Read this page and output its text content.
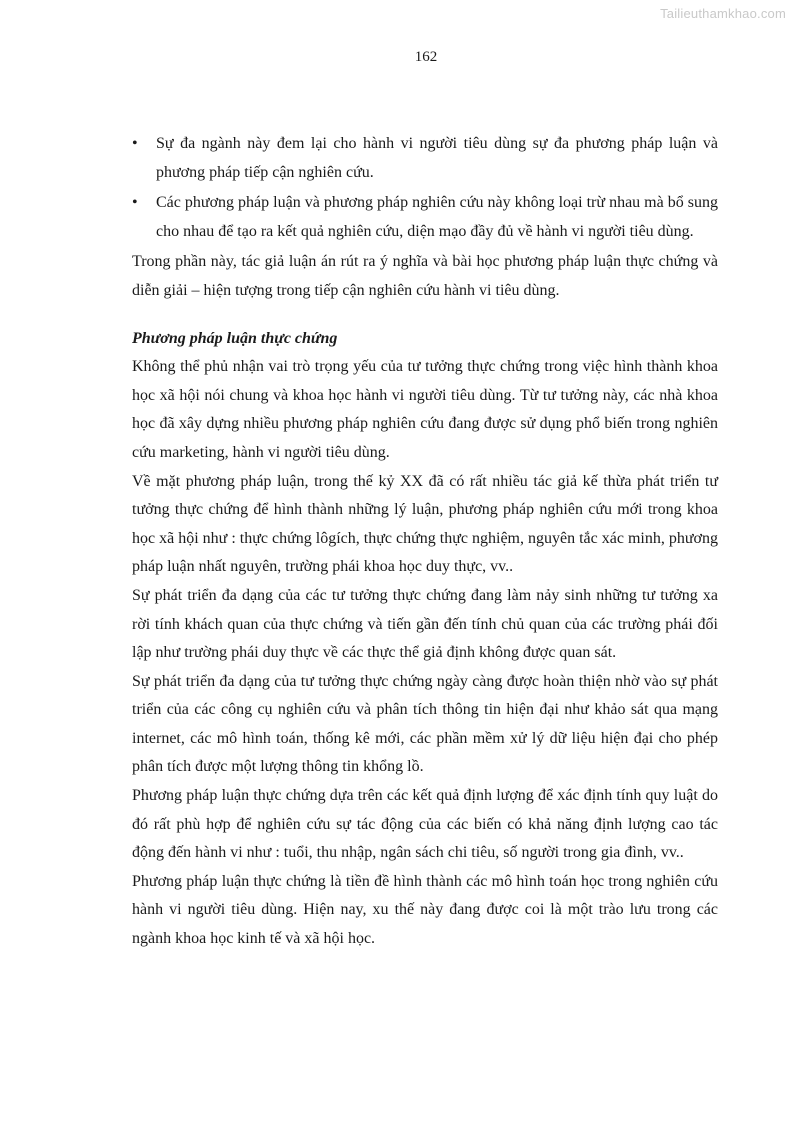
Tailieuthamkhao.com
162
• Sự đa ngành này đem lại cho hành vi người tiêu dùng sự đa phương pháp luận và phương pháp tiếp cận nghiên cứu.
• Các phương pháp luận và phương pháp nghiên cứu này không loại trừ nhau mà bổ sung cho nhau để tạo ra kết quả nghiên cứu, diện mạo đầy đủ về hành vi người tiêu dùng.

Trong phần này, tác giả luận án rút ra ý nghĩa và bài học phương pháp luận thực chứng và diễn giải – hiện tượng trong tiếp cận nghiên cứu hành vi tiêu dùng.

Phương pháp luận thực chứng

Không thể phủ nhận vai trò trọng yếu của tư tưởng thực chứng trong việc hình thành khoa học xã hội nói chung và khoa học hành vi người tiêu dùng. Từ tư tưởng này, các nhà khoa học đã xây dựng nhiều phương pháp nghiên cứu đang được sử dụng phổ biến trong nghiên cứu marketing, hành vi người tiêu dùng.

Về mặt phương pháp luận, trong thế kỷ XX đã có rất nhiều tác giả kế thừa phát triển tư tưởng thực chứng để hình thành những lý luận, phương pháp nghiên cứu mới trong khoa học xã hội như : thực chứng lôgích, thực chứng thực nghiệm, nguyên tắc xác minh, phương pháp luận nhất nguyên, trường phái khoa học duy thực, vv..

Sự phát triển đa dạng của các tư tưởng thực chứng đang làm nảy sinh những tư tưởng xa rời tính khách quan của thực chứng và tiến gần đến tính chủ quan của các trường phái đối lập như trường phái duy thực về các thực thể giả định không được quan sát.

Sự phát triển đa dạng của tư tưởng thực chứng ngày càng được hoàn thiện nhờ vào sự phát triển của các công cụ nghiên cứu và phân tích thông tin hiện đại như khảo sát qua mạng internet, các mô hình toán, thống kê mới, các phần mềm xử lý dữ liệu hiện đại cho phép phân tích được một lượng thông tin khổng lồ.

Phương pháp luận thực chứng dựa trên các kết quả định lượng để xác định tính quy luật do đó rất phù hợp để nghiên cứu sự tác động của các biến có khả năng định lượng cao tác động đến hành vi như : tuổi, thu nhập, ngân sách chi tiêu, số người trong gia đình, vv..

Phương pháp luận thực chứng là tiền đề hình thành các mô hình toán học trong nghiên cứu hành vi người tiêu dùng. Hiện nay, xu thế này đang được coi là một trào lưu trong các ngành khoa học kinh tế và xã hội học.
